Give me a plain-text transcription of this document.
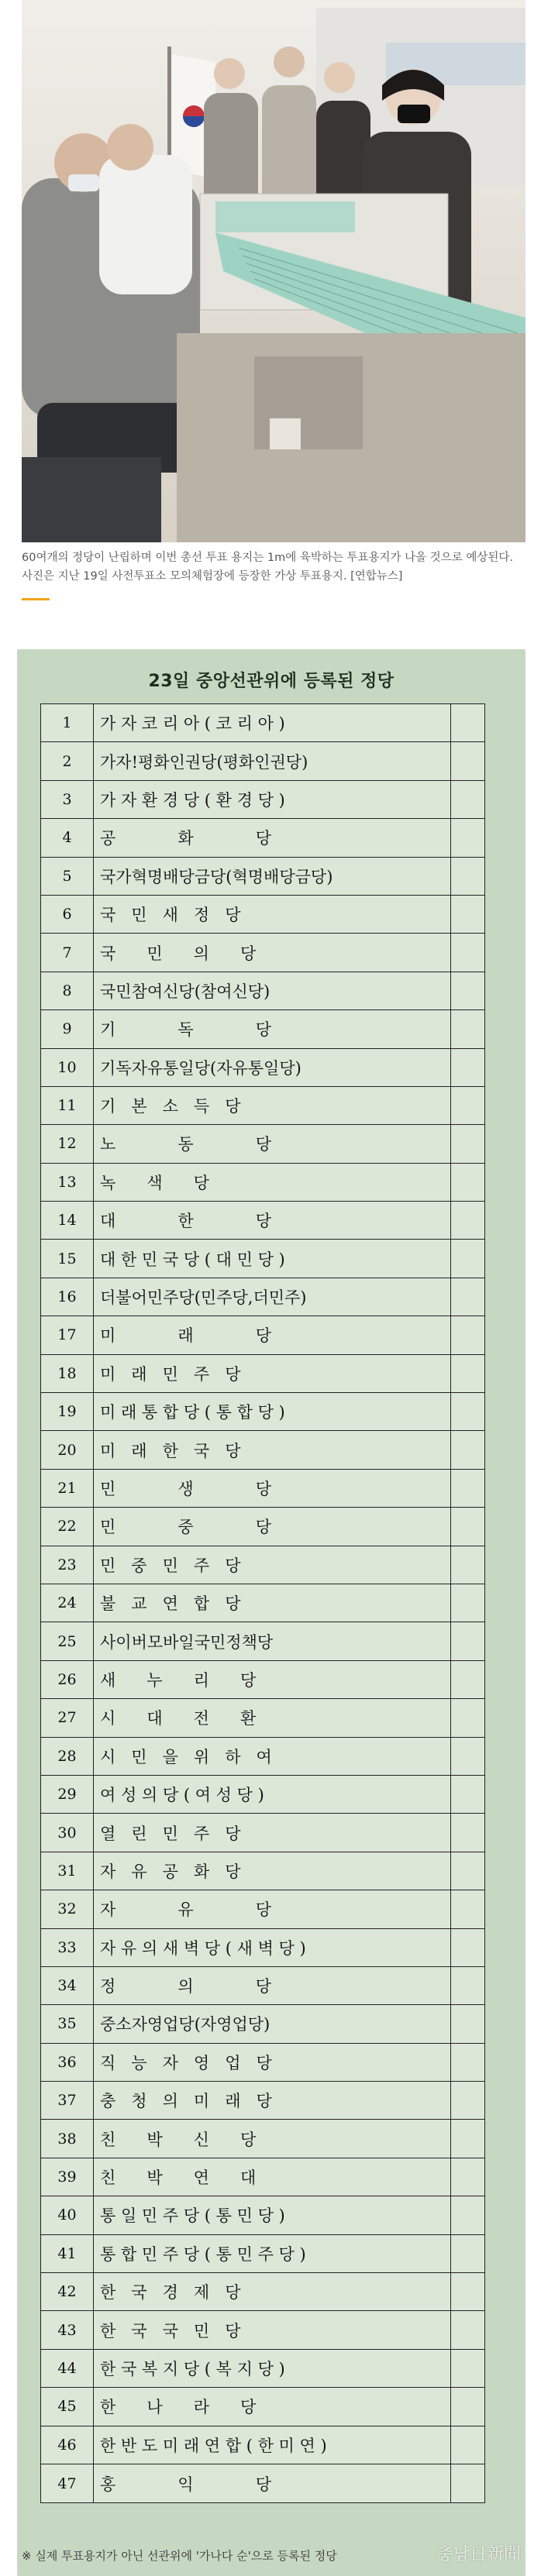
60여개의 정당이 난립하며 이번 총선 투표 용지는 1m에 육박하는 투표용지가 나올 것으로 예상된다. 사진은 지난 19일 사전투표소 모의체험장에 등장한 가상 투표용지. [연합뉴스]

23일 중앙선관위에 등록된 정당
1	가 자 코 리 아 ( 코 리 아 )
2	가자!평화인권당(평화인권당)
3	가 자 환 경 당 ( 환 경 당 )
4	공            화            당
5	국가혁명배당금당(혁명배당금당)
6	국   민   새   정   당
7	국      민      의      당
8	국민참여신당(참여신당)
9	기            독            당
10	기독자유통일당(자유통일당)
11	기   본   소   득   당
12	노            동            당
13	녹      색      당
14	대            한            당
15	대 한 민 국 당 ( 대 민 당 )
16	더불어민주당(민주당,더민주)
17	미            래            당
18	미   래   민   주   당
19	미 래 통 합 당 ( 통 합 당 )
20	미   래   한   국   당
21	민            생            당
22	민            중            당
23	민   중   민   주   당
24	불   교   연   합   당
25	사이버모바일국민정책당
26	새      누      리      당
27	시      대      전      환
28	시   민   을   위   하   여
29	여 성 의 당 ( 여 성 당 )
30	열   린   민   주   당
31	자   유   공   화   당
32	자            유            당
33	자 유 의 새 벽 당 ( 새 벽 당 )
34	정            의            당
35	중소자영업당(자영업당)
36	직   능   자   영   업   당
37	충   청   의   미   래   당
38	친      박      신      당
39	친      박      연      대
40	통 일 민 주 당 ( 통 민 당 )
41	통 합 민 주 당 ( 통 민 주 당 )
42	한   국   경   제   당
43	한   국   국   민   당
44	한 국 복 지 당 ( 복 지 당 )
45	한      나      라      당
46	한 반 도 미 래 연 합 ( 한 미 연 )
47	홍            익            당
※ 실제 투표용지가 아닌 선관위에 '가나다 순'으로 등록된 정당	충남日新聞
